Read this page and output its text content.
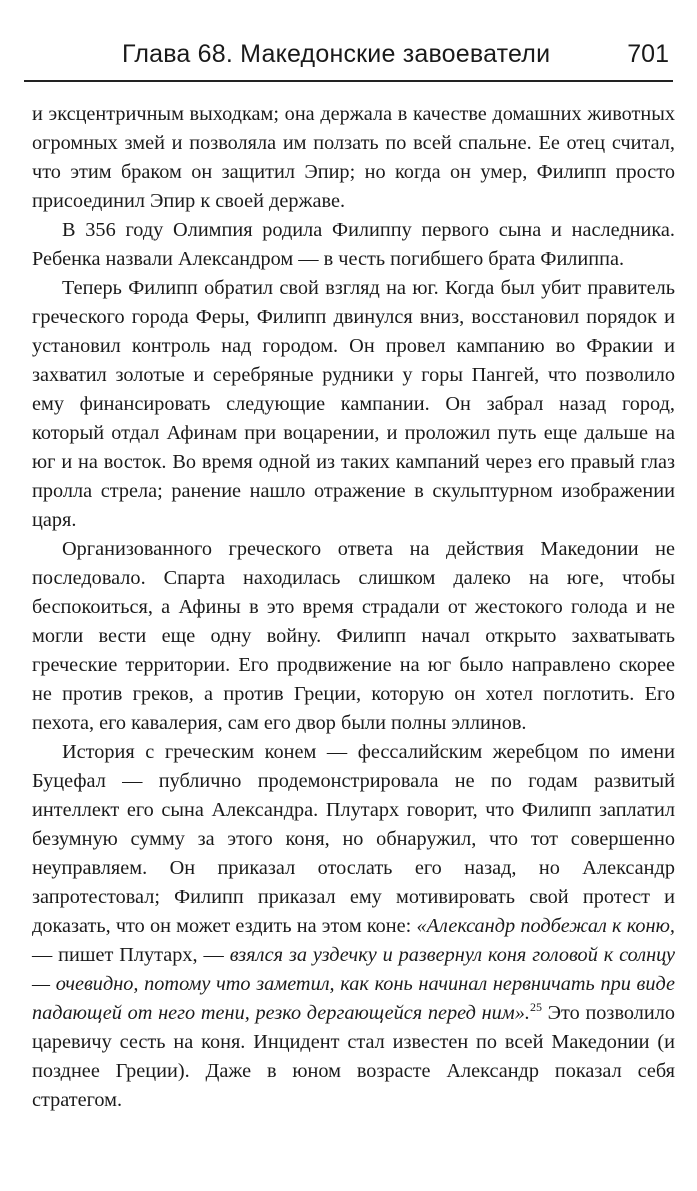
Глава 68. Македонские завоеватели	701

и эксцентричным выходкам; она держала в качестве домашних животных огромных змей и позволяла им ползать по всей спальне. Ее отец считал, что этим браком он защитил Эпир; но когда он умер, Филипп просто присоединил Эпир к своей державе.

В 356 году Олимпия родила Филиппу первого сына и наследника. Ребенка назвали Александром — в честь погибшего брата Филиппа.

Теперь Филипп обратил свой взгляд на юг. Когда был убит правитель греческого города Феры, Филипп двинулся вниз, восстановил порядок и установил контроль над городом. Он провел кампанию во Фракии и захватил золотые и серебряные рудники у горы Пангей, что позволило ему финансировать следующие кампании. Он забрал назад город, который отдал Афинам при воцарении, и проложил путь еще дальше на юг и на восток. Во время одной из таких кампаний через его правый глаз пролла стрела; ранение нашло отражение в скульптурном изображении царя.

Организованного греческого ответа на действия Македонии не последовало. Спарта находилась слишком далеко на юге, чтобы беспокоиться, а Афины в это время страдали от жестокого голода и не могли вести еще одну войну. Филипп начал открыто захватывать греческие территории. Его продвижение на юг было направлено скорее не против греков, а против Греции, которую он хотел поглотить. Его пехота, его кавалерия, сам его двор были полны эллинов.

История с греческим конем — фессалийским жеребцом по имени Буцефал — публично продемонстрировала не по годам развитый интеллект его сына Александра. Плутарх говорит, что Филипп заплатил безумную сумму за этого коня, но обнаружил, что тот совершенно неуправляем. Он приказал отослать его назад, но Александр запротестовал; Филипп приказал ему мотивировать свой протест и доказать, что он может ездить на этом коне: «Александр подбежал к коню, — пишет Плутарх, — взялся за уздечку и развернул коня головой к солнцу — очевидно, потому что заметил, как конь начинал нервничать при виде падающей от него тени, резко дергающейся перед ним».$^{25}$ Это позволило царевичу сесть на коня. Инцидент стал известен по всей Македонии (и позднее Греции). Даже в юном возрасте Александр показал себя стратегом.
